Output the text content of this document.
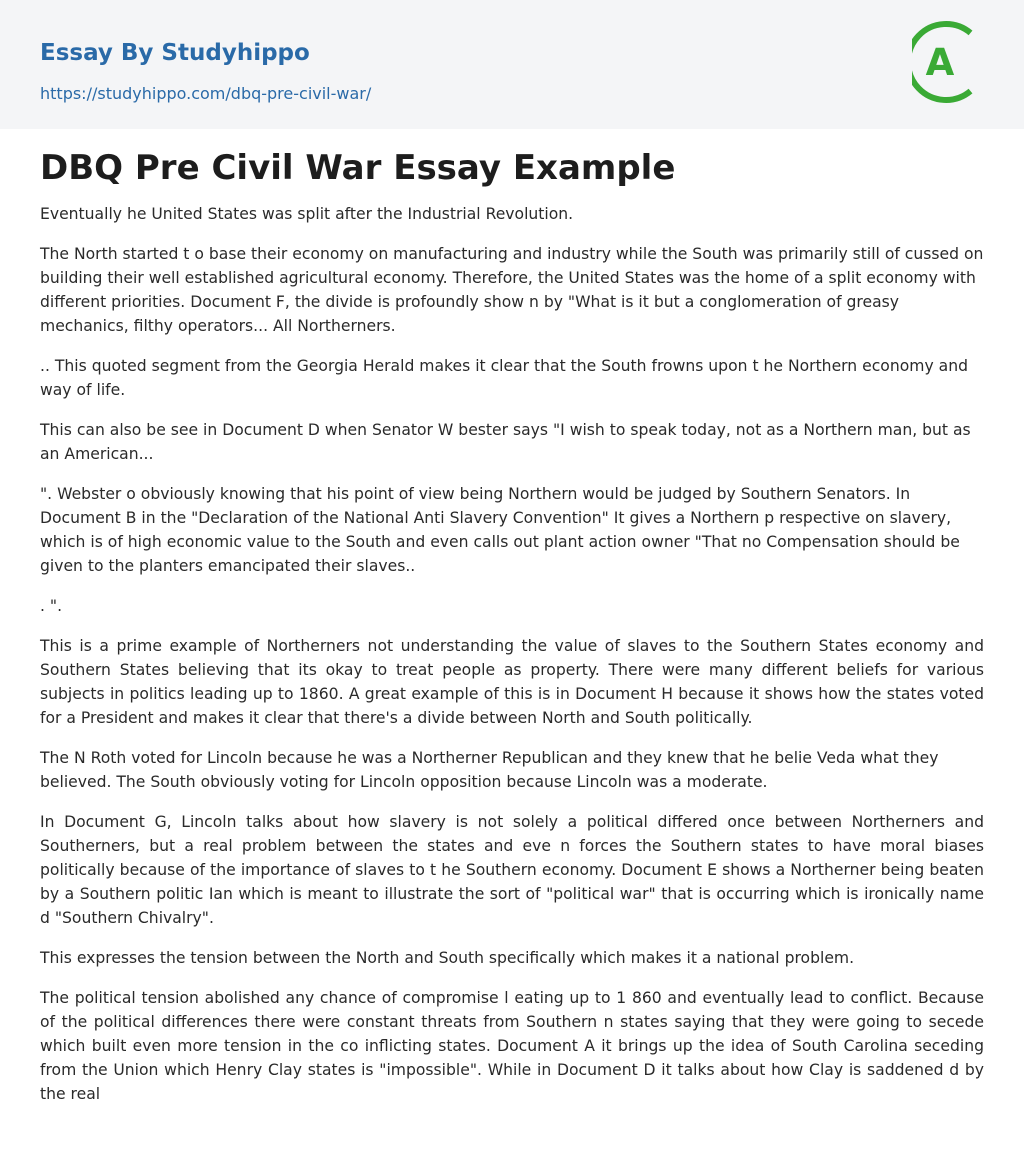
Essay By Studyhippo
https://studyhippo.com/dbq-pre-civil-war/
A
DBQ Pre Civil War Essay Example

Eventually he United States was split after the Industrial Revolution.

The North started t o base their economy on manufacturing and industry while the South was primarily still of cussed on building their well established agricultural economy. Therefore, the United States was the home of a split economy with different priorities. Document F, the divide is profoundly show n by "What is it but a conglomeration of greasy mechanics, filthy operators... All Northerners.

.. This quoted segment from the Georgia Herald makes it clear that the South frowns upon t he Northern economy and way of life.

This can also be see in Document D when Senator W bester says "I wish to speak today, not as a Northern man, but as an American...

". Webster o obviously knowing that his point of view being Northern would be judged by Southern Senators. In Document B in the "Declaration of the National Anti Slavery Convention" It gives a Northern p respective on slavery, which is of high economic value to the South and even calls out plant action owner "That no Compensation should be given to the planters emancipated their slaves..

. ".

This is a prime example of Northerners not understanding the value of slaves to the Southern States economy and Southern States believing that its okay to treat people as property. There were many different beliefs for various subjects in politics leading up to 1860. A great example of this is in Document H because it shows how the states voted for a President and makes it clear that there's a divide between North and South politically.

The N Roth voted for Lincoln because he was a Northerner Republican and they knew that he belie Veda what they believed. The South obviously voting for Lincoln opposition because Lincoln was a moderate.

In Document G, Lincoln talks about how slavery is not solely a political differed once between Northerners and Southerners, but a real problem between the states and eve n forces the Southern states to have moral biases politically because of the importance of slaves to t he Southern economy. Document E shows a Northerner being beaten by a Southern politic Ian which is meant to illustrate the sort of "political war" that is occurring which is ironically name d "Southern Chivalry".

This expresses the tension between the North and South specifically which makes it a national problem.

The political tension abolished any chance of compromise l eating up to 1 860 and eventually lead to conflict. Because of the political differences there were constant threats from Southern n states saying that they were going to secede which built even more tension in the co inflicting states. Document A it brings up the idea of South Carolina seceding from the Union which Henry Clay states is "impossible". While in Document D it talks about how Clay is saddened d by the real
